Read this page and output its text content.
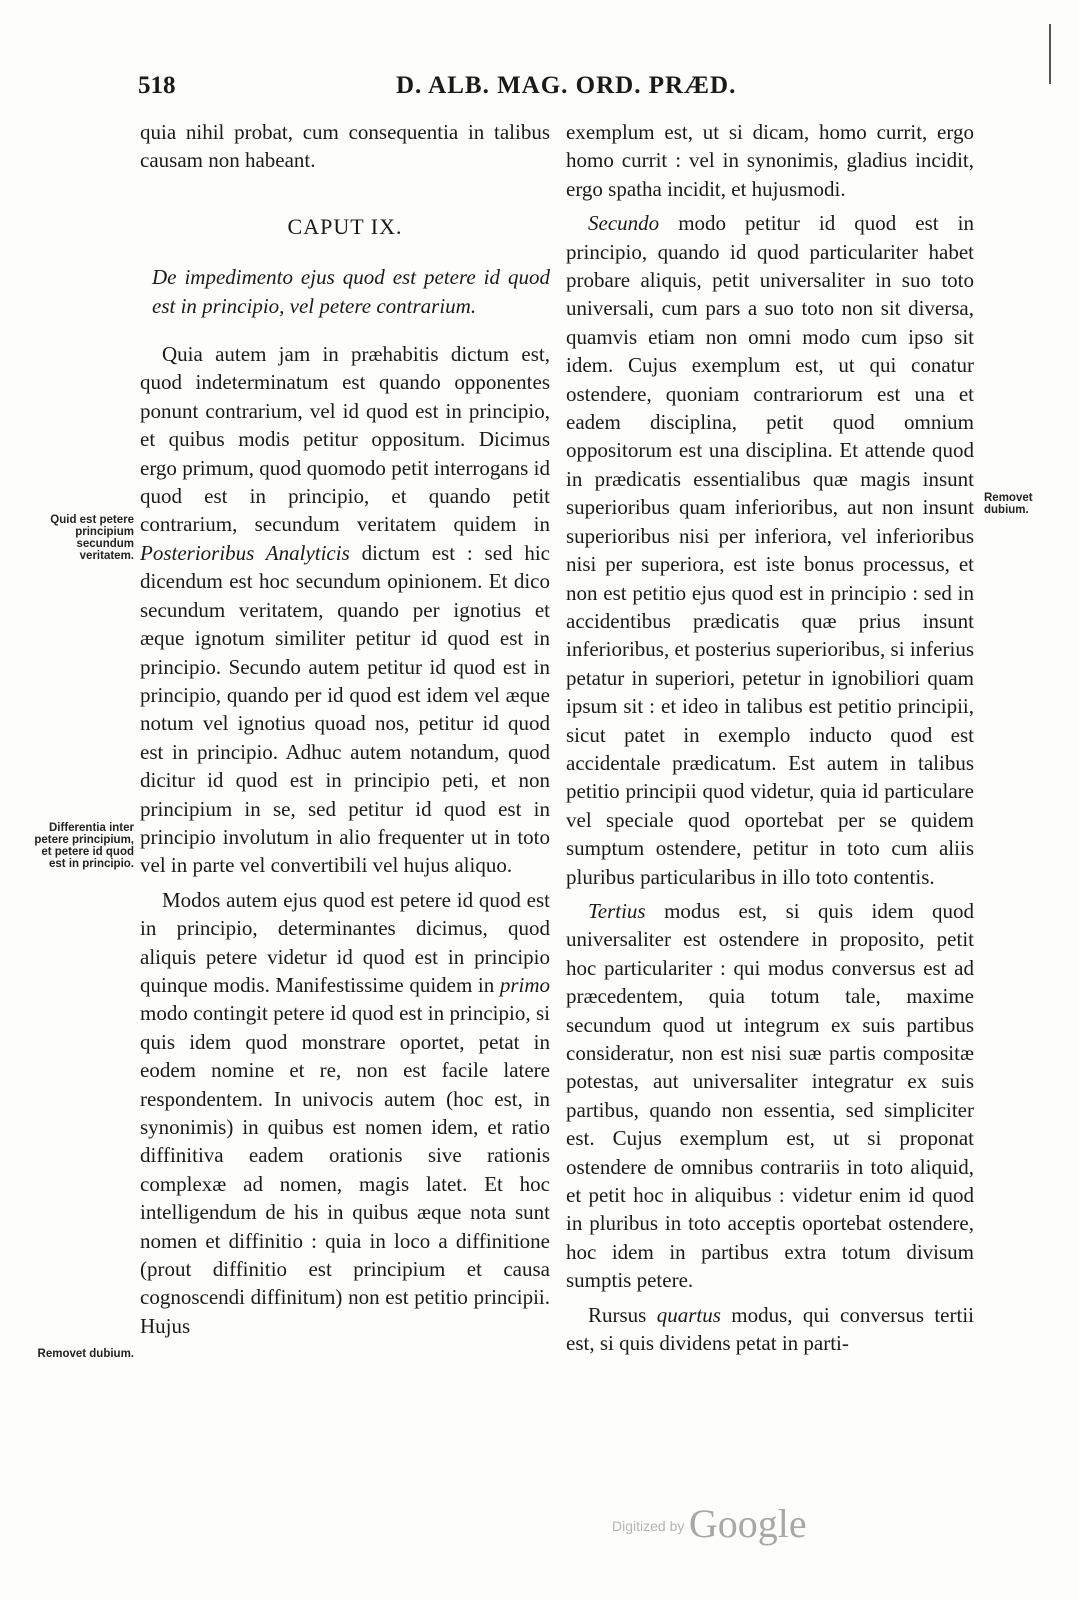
518	D. ALB. MAG. ORD. PRÆD.

quia nihil probat, cum consequentia in talibus causam non habeant.

CAPUT IX.

De impedimento ejus quod est petere id quod est in principio, vel petere contrarium.

Quia autem jam in præhabitis dictum est, quod indeterminatum est quando opponentes ponunt contrarium, vel id quod est in principio, et quibus modis petitur oppositum. Dicimus ergo primum, quod quomodo petit interrogans id quod est in principio, et quando petit contrarium, secundum veritatem quidem in Posterioribus Analyticis dictum est : sed hic dicendum est hoc secundum opinionem. Et dico secundum veritatem, quando per ignotius et æque ignotum similiter petitur id quod est in principio. Secundo autem petitur id quod est in principio, quando per id quod est idem vel æque notum vel ignotius quoad nos, petitur id quod est in principio. Adhuc autem notandum, quod dicitur id quod est in principio peti, et non principium in se, sed petitur id quod est in principio involutum in alio frequenter ut in toto vel in parte vel convertibili vel hujus aliquo.

Modos autem ejus quod est petere id quod est in principio, determinantes dicimus, quod aliquis petere videtur id quod est in principio quinque modis. Manifestissime quidem in primo modo contingit petere id quod est in principio, si quis idem quod monstrare oportet, petat in eodem nomine et re, non est facile latere respondentem. In univocis autem (hoc est, in synonimis) in quibus est nomen idem, et ratio diffinitiva eadem orationis sive rationis complexæ ad nomen, magis latet. Et hoc intelligendum de his in quibus æque nota sunt nomen et diffinitio : quia in loco a diffinitione (prout diffinitio est principium et causa cognoscendi diffinitum) non est petitio principii. Hujus

exemplum est, ut si dicam, homo currit, ergo homo currit : vel in synonimis, gladius incidit, ergo spatha incidit, et hujusmodi.

Secundo modo petitur id quod est in principio, quando id quod particulariter habet probare aliquis, petit universaliter in suo toto universali, cum pars a suo toto non sit diversa, quamvis etiam non omni modo cum ipso sit idem. Cujus exemplum est, ut qui conatur ostendere, quoniam contrariorum est una et eadem disciplina, petit quod omnium oppositorum est una disciplina. Et attende quod in prædicatis essentialibus quæ magis insunt superioribus quam inferioribus, aut non insunt superioribus nisi per inferiora, vel inferioribus nisi per superiora, est iste bonus processus, et non est petitio ejus quod est in principio : sed in accidentibus prædicatis quæ prius insunt inferioribus, et posterius superioribus, si inferius petatur in superiori, petetur in ignobiliori quam ipsum sit : et ideo in talibus est petitio principii, sicut patet in exemplo inducto quod est accidentale prædicatum. Est autem in talibus petitio principii quod videtur, quia id particulare vel speciale quod oportebat per se quidem sumptum ostendere, petitur in toto cum aliis pluribus particularibus in illo toto contentis.

Tertius modus est, si quis idem quod universaliter est ostendere in proposito, petit hoc particulariter : qui modus conversus est ad præcedentem, quia totum tale, maxime secundum quod ut integrum ex suis partibus consideratur, non est nisi suæ partis compositæ potestas, aut universaliter integratur ex suis partibus, quando non essentia, sed simpliciter est. Cujus exemplum est, ut si proponat ostendere de omnibus contrariis in toto aliquid, et petit hoc in aliquibus : videtur enim id quod in pluribus in toto acceptis oportebat ostendere, hoc idem in partibus extra totum divisum sumptis petere.

Rursus quartus modus, qui conversus tertii est, si quis dividens petat in parti-

Quid est petere principium secundum veritatem.
Differentia inter petere principium, et petere id quod est in principio.
Removet dubium.
Removet dubium.
Digitized by Google
